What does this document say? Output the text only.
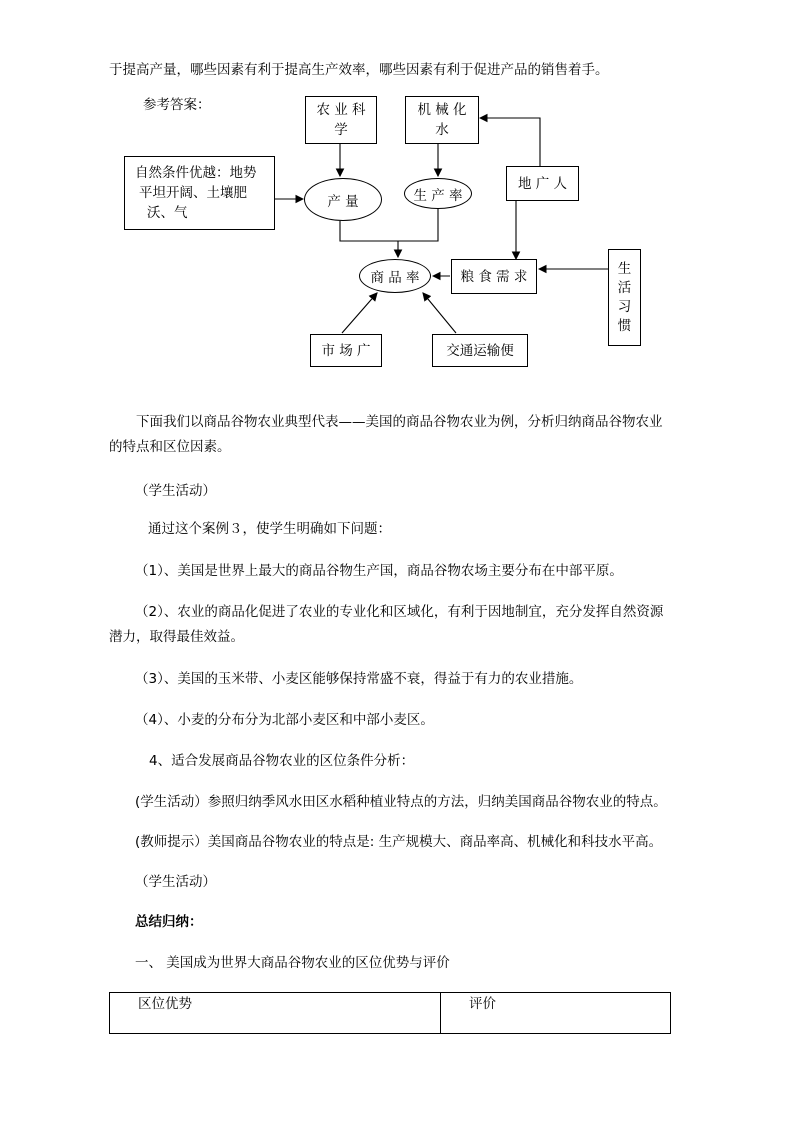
于提高产量，哪些因素有利于提高生产效率，哪些因素有利于促进产品的销售着手。
参考答案：
自然条件优越：地势
平坦开阔、土壤肥
沃、气
农 业 科
学
机 械 化
水
产 量	生 产 率
地 广 人
商 品 率	粮 食 需 求	生
活
习
惯
市 场 广	交通运输便
下面我们以商品谷物农业典型代表——美国的商品谷物农业为例，分析归纳商品谷物农业
的特点和区位因素。
（学生活动）
通过这个案例３，使学生明确如下问题：
（1）、美国是世界上最大的商品谷物生产国，商品谷物农场主要分布在中部平原。
（2）、农业的商品化促进了农业的专业化和区域化，有利于因地制宜，充分发挥自然资源
潜力，取得最佳效益。
（3）、美国的玉米带、小麦区能够保持常盛不衰，得益于有力的农业措施。
（4）、小麦的分布分为北部小麦区和中部小麦区。
4、适合发展商品谷物农业的区位条件分析：
(学生活动）参照归纳季风水田区水稻种植业特点的方法，归纳美国商品谷物农业的特点。
(教师提示）美国商品谷物农业的特点是: 生产规模大、商品率高、机械化和科技水平高。
（学生活动）
总结归纳：
一、 美国成为世界大商品谷物农业的区位优势与评价
区位优势	评价
